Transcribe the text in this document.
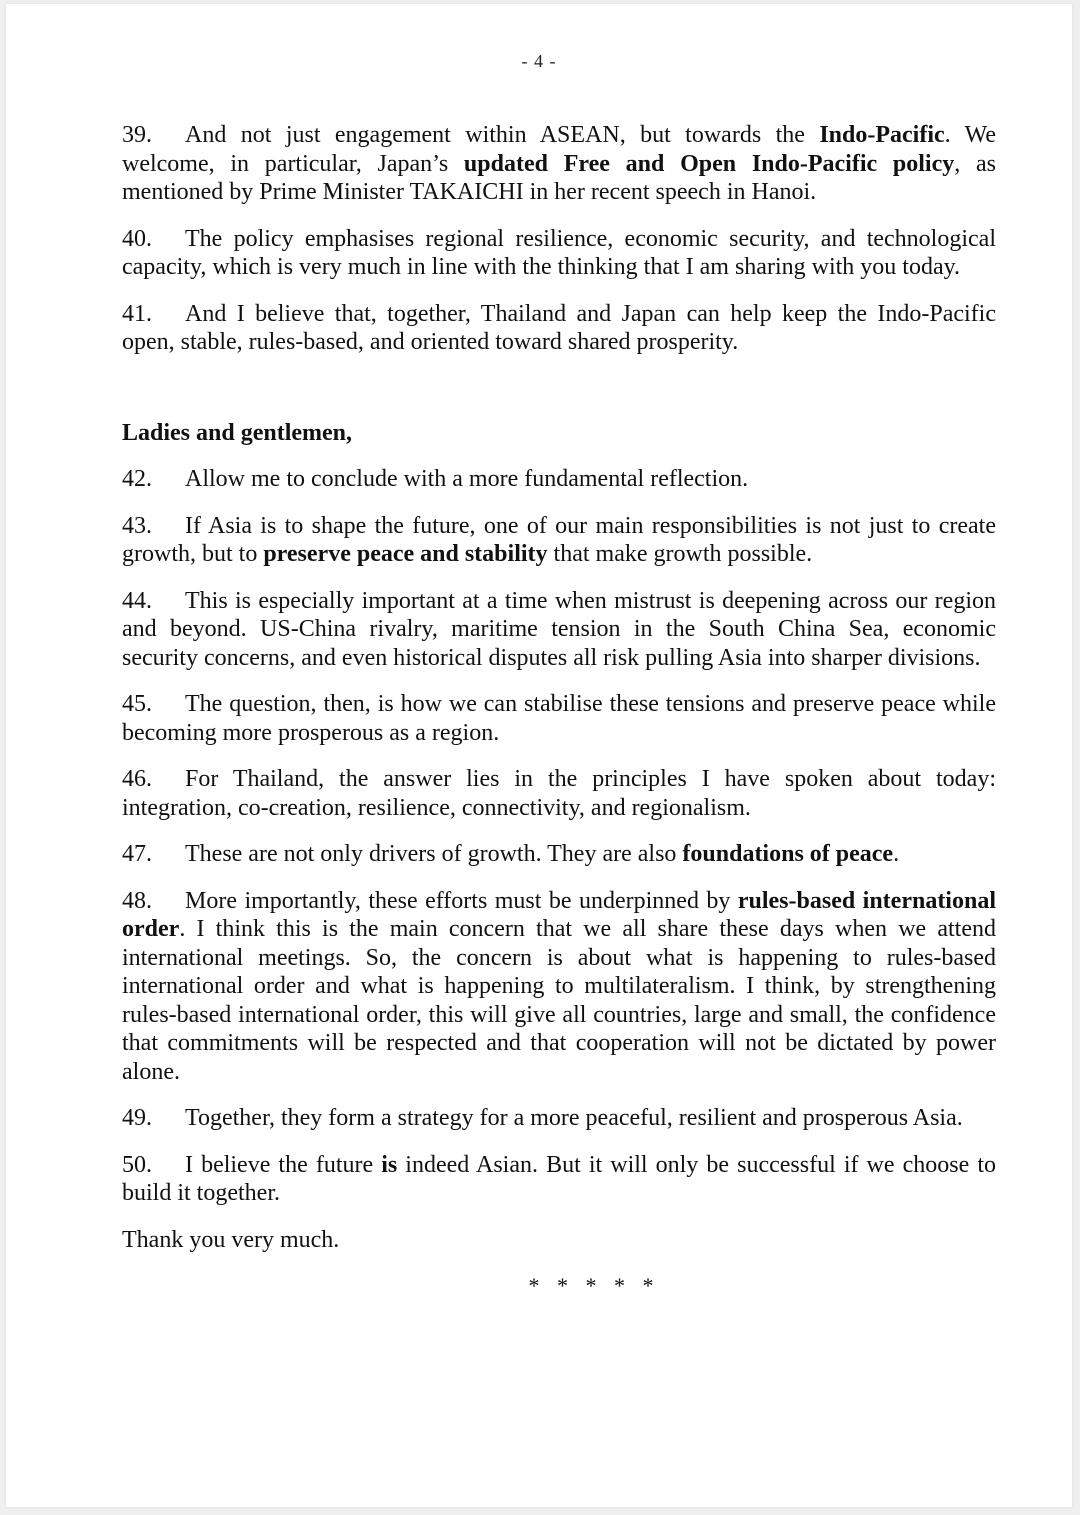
- 4 -

39. And not just engagement within ASEAN, but towards the Indo-Pacific. We welcome, in particular, Japan’s updated Free and Open Indo-Pacific policy, as mentioned by Prime Minister TAKAICHI in her recent speech in Hanoi.

40. The policy emphasises regional resilience, economic security, and technological capacity, which is very much in line with the thinking that I am sharing with you today.

41. And I believe that, together, Thailand and Japan can help keep the Indo-Pacific open, stable, rules-based, and oriented toward shared prosperity.

Ladies and gentlemen,

42. Allow me to conclude with a more fundamental reflection.

43. If Asia is to shape the future, one of our main responsibilities is not just to create growth, but to preserve peace and stability that make growth possible.

44. This is especially important at a time when mistrust is deepening across our region and beyond. US-China rivalry, maritime tension in the South China Sea, economic security concerns, and even historical disputes all risk pulling Asia into sharper divisions.

45. The question, then, is how we can stabilise these tensions and preserve peace while becoming more prosperous as a region.

46. For Thailand, the answer lies in the principles I have spoken about today: integration, co-creation, resilience, connectivity, and regionalism.

47. These are not only drivers of growth. They are also foundations of peace.

48. More importantly, these efforts must be underpinned by rules-based international order. I think this is the main concern that we all share these days when we attend international meetings. So, the concern is about what is happening to rules-based international order and what is happening to multilateralism. I think, by strengthening rules-based international order, this will give all countries, large and small, the confidence that commitments will be respected and that cooperation will not be dictated by power alone.

49. Together, they form a strategy for a more peaceful, resilient and prosperous Asia.

50. I believe the future is indeed Asian. But it will only be successful if we choose to build it together.

Thank you very much.
* * * * *
